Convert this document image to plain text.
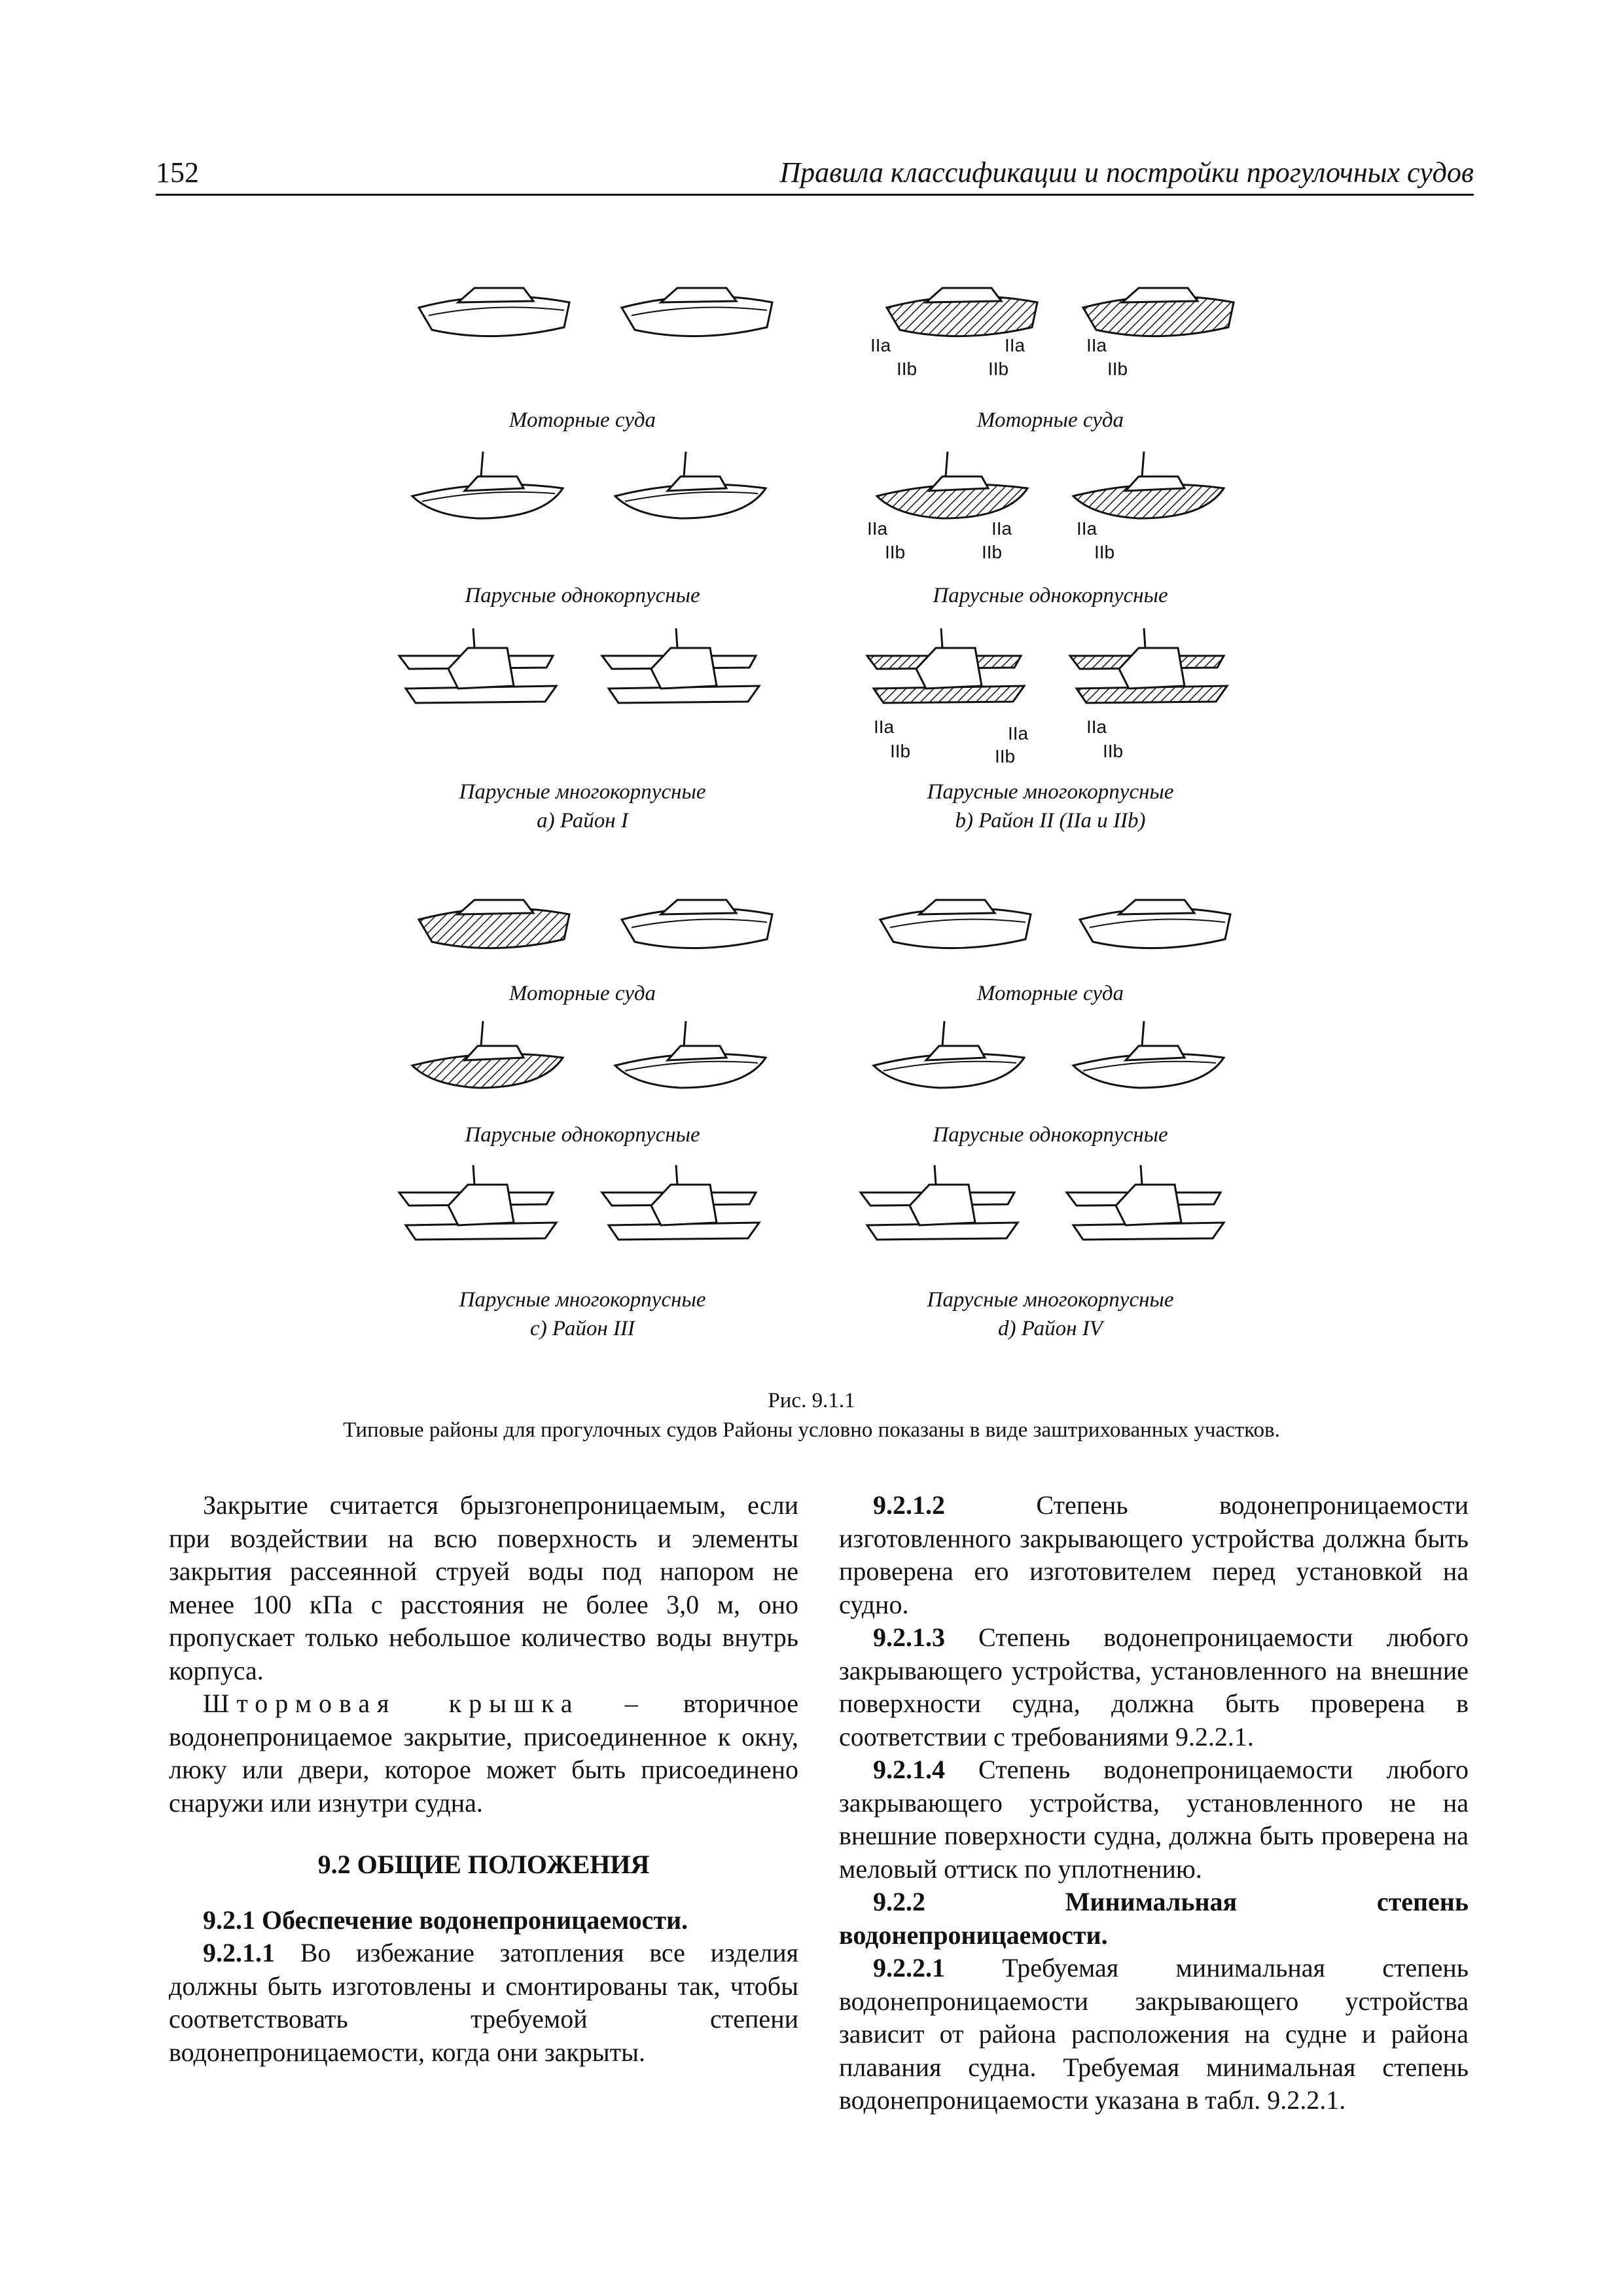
152	Правила классификации и постройки прогулочных судов
Моторные суда
Парусные однокорпусные
Парусные многокорпусные
a) Район I
IIa
IIb
IIa
IIb
IIa
IIb
Моторные суда
IIa
IIb
IIa
IIb
IIa
IIb
Парусные однокорпусные
IIa
IIb
IIa
IIb
IIa
IIb
Парусные многокорпусные
b) Район II (IIa и IIb)
Моторные суда
Парусные однокорпусные
Парусные многокорпусные
c) Район III
Моторные суда
Парусные однокорпусные
Парусные многокорпусные
d) Район IV
Рис. 9.1.1
Типовые районы для прогулочных судов Районы условно показаны в виде заштрихованных участков.

Закрытие считается брызгонепроницаемым, если при воздействии на всю поверхность и элементы закрытия рассеянной струей воды под напором не менее 100 кПа с расстояния не более 3,0 м, оно пропускает только небольшое количество воды внутрь корпуса.

Штормовая крышка – вторичное водонепроницаемое закрытие, присоединенное к окну, люку или двери, которое может быть присоединено снаружи или изнутри судна.

9.2 ОБЩИЕ ПОЛОЖЕНИЯ

9.2.1 Обеспечение водонепроницаемости.

9.2.1.1 Во избежание затопления все изделия должны быть изготовлены и смонтированы так, чтобы соответствовать требуемой степени водонепроницаемости, когда они закрыты.

9.2.1.2 Степень водонепроницаемости изготовленного закрывающего устройства должна быть проверена его изготовителем перед установкой на судно.

9.2.1.3 Степень водонепроницаемости любого закрывающего устройства, установленного на внешние поверхности судна, должна быть проверена в соответствии с требованиями 9.2.2.1.

9.2.1.4 Степень водонепроницаемости любого закрывающего устройства, установленного не на внешние поверхности судна, должна быть проверена на меловый оттиск по уплотнению.

9.2.2 Минимальная степень водонепроницаемости.

9.2.2.1 Требуемая минимальная степень водонепроницаемости закрывающего устройства зависит от района расположения на судне и района плавания судна. Требуемая минимальная степень водонепроницаемости указана в табл. 9.2.2.1.
